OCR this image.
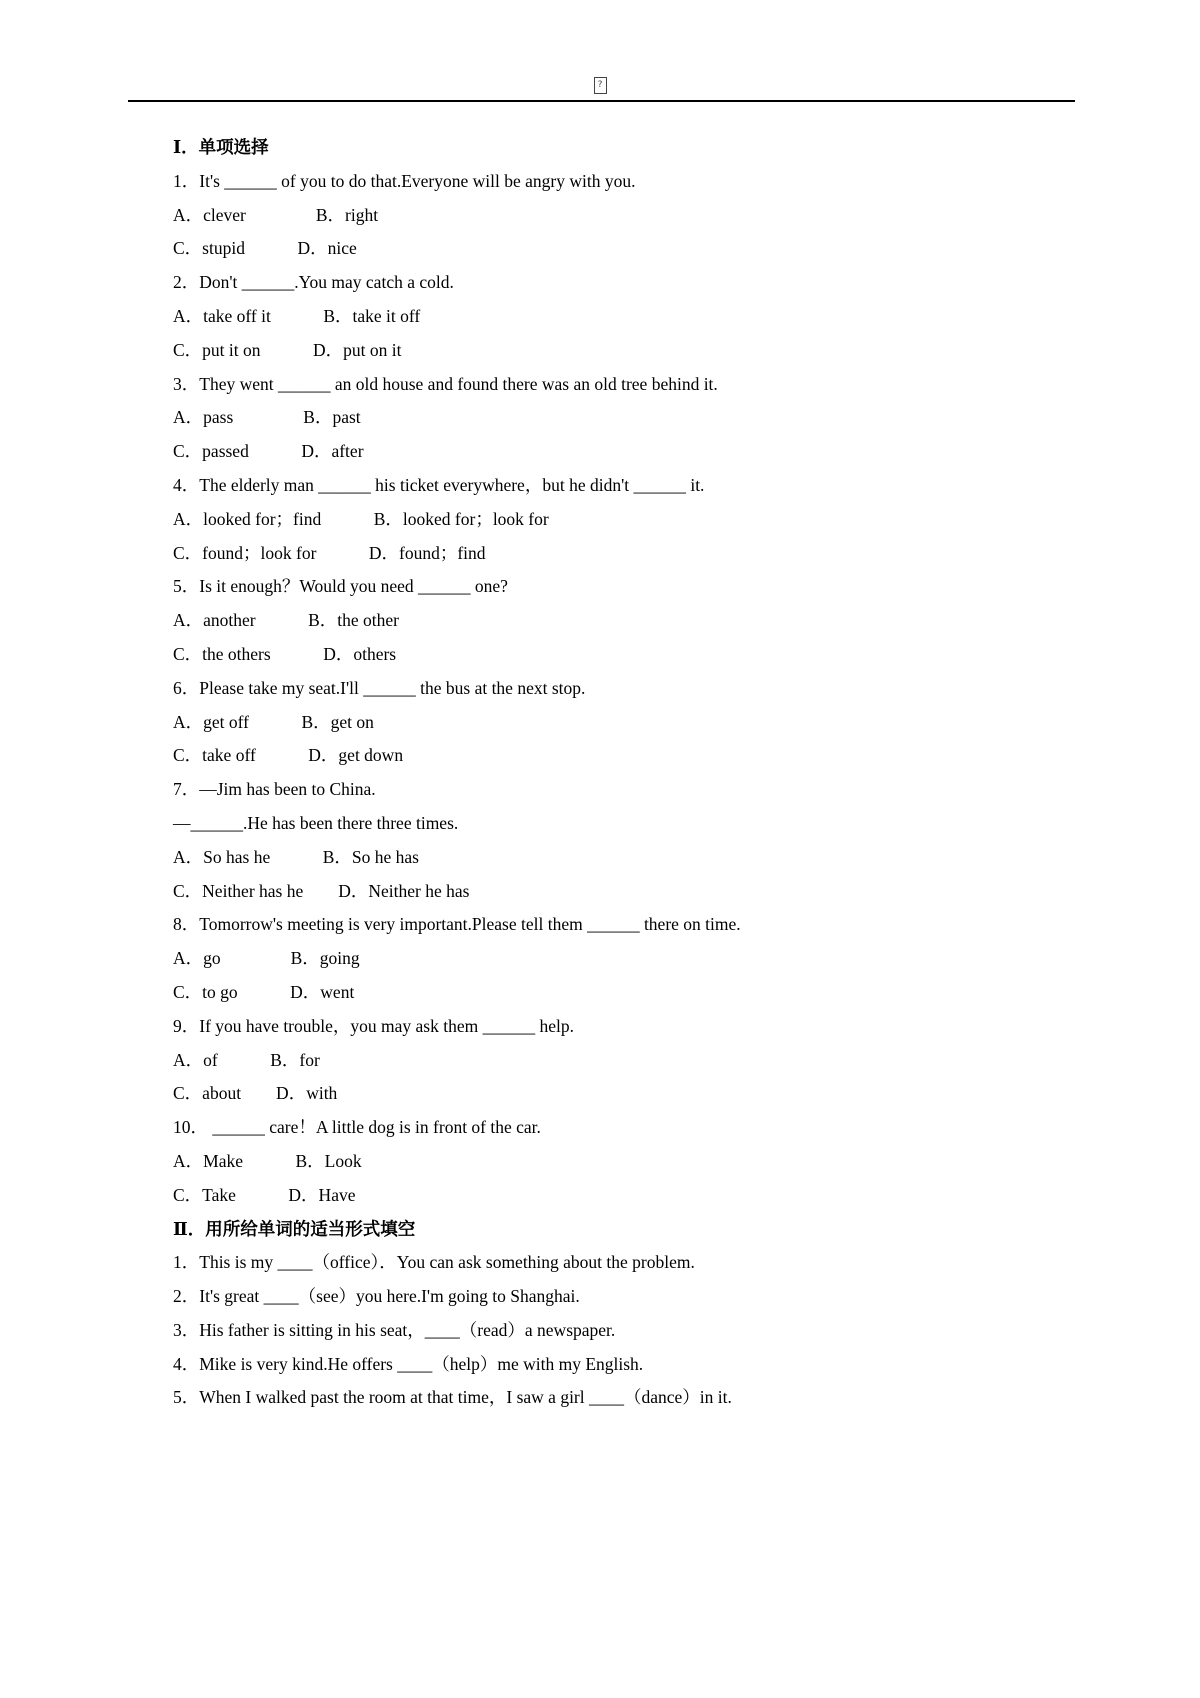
?
Ⅰ．单项选择
1．It's ______ of you to do that.Everyone will be angry with you.
A．clever　　　　B．right
C．stupid　　　D．nice
2．Don't ______.You may catch a cold.
A．take off it　　　B．take it off
C．put it on　　　D．put on it
3．They went ______ an old house and found there was an old tree behind it.
A．pass　　　　B．past
C．passed　　　D．after
4．The elderly man ______ his ticket everywhere，but he didn't ______ it.
A．looked for；find　　　B．looked for；look for
C．found；look for　　　D．found；find
5．Is it enough？Would you need ______ one?
A．another　　　B．the other
C．the others　　　D．others
6．Please take my seat.I'll ______ the bus at the next stop.
A．get off　　　B．get on
C．take off　　　D．get down
7．—Jim has been to China.
—______.He has been there three times.
A．So has he　　　B．So he has
C．Neither has he　　D．Neither he has
8．Tomorrow's meeting is very important.Please tell them ______ there on time.
A．go　　　　B．going
C．to go　　　D．went
9．If you have trouble，you may ask them ______ help.
A．of　　　B．for
C．about　　D．with
10． ______ care！A little dog is in front of the car.
A．Make　　　B．Look
C．Take　　　D．Have
Ⅱ．用所给单词的适当形式填空
1．This is my ____（office）．You can ask something about the problem.
2．It's great ____（see）you here.I'm going to Shanghai.
3．His father is sitting in his seat，____（read）a newspaper.
4．Mike is very kind.He offers ____（help）me with my English.
5．When I walked past the room at that time，I saw a girl ____（dance）in it.
